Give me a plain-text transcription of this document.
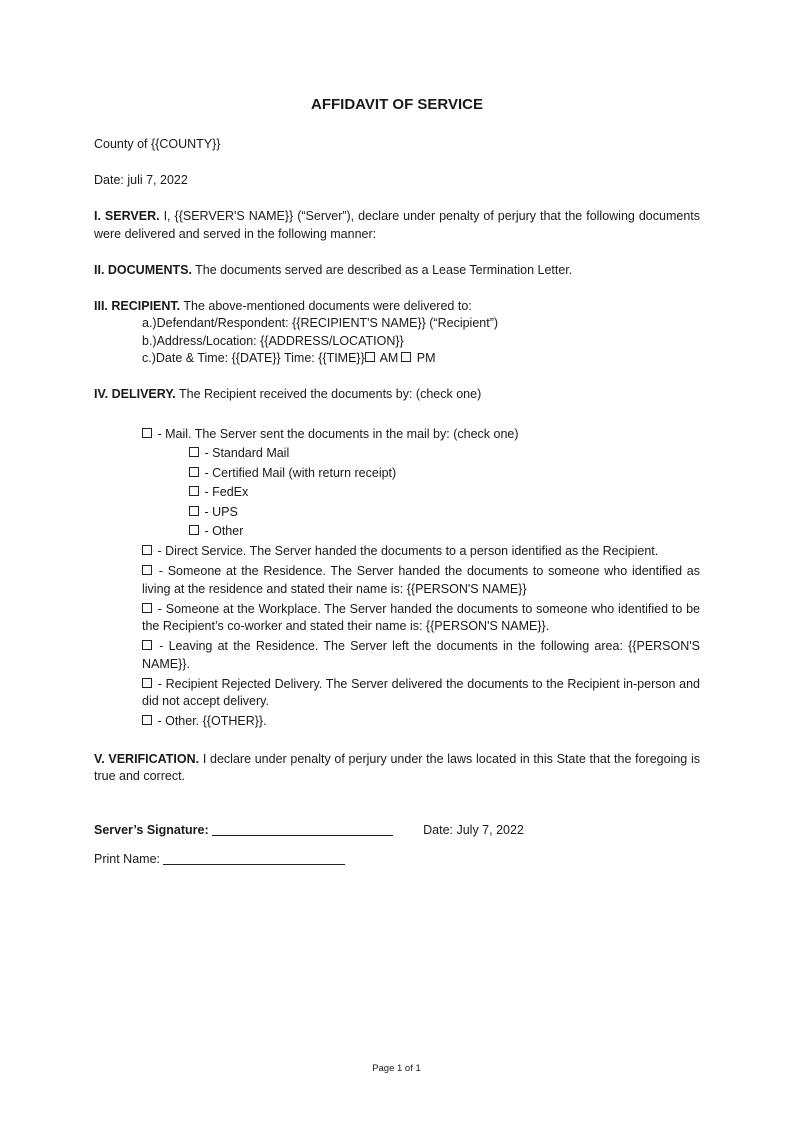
AFFIDAVIT OF SERVICE

County of {{COUNTY}}

Date: juli 7, 2022

I. SERVER. I, {{SERVER'S NAME}} (“Server”), declare under penalty of perjury that the following documents were delivered and served in the following manner:

II. DOCUMENTS. The documents served are described as a Lease Termination Letter.

III. RECIPIENT. The above-mentioned documents were delivered to:

a.)Defendant/Respondent: {{RECIPIENT'S NAME}} (“Recipient”)

b.)Address/Location: {{ADDRESS/LOCATION}}

c.)Date & Time: {{DATE}} Time: {{TIME}} AM PM

IV. DELIVERY. The Recipient received the documents by: (check one)

- Mail. The Server sent the documents in the mail by: (check one)

- Standard Mail

- Certified Mail (with return receipt)

- FedEx

- UPS

- Other

- Direct Service. The Server handed the documents to a person identified as the Recipient.

- Someone at the Residence. The Server handed the documents to someone who identified as living at the residence and stated their name is: {{PERSON'S NAME}}

- Someone at the Workplace. The Server handed the documents to someone who identified to be the Recipient’s co-worker and stated their name is: {{PERSON'S NAME}}.

- Leaving at the Residence. The Server left the documents in the following area: {{PERSON'S NAME}}.

- Recipient Rejected Delivery. The Server delivered the documents to the Recipient in-person and did not accept delivery.

- Other. {{OTHER}}.

V. VERIFICATION. I declare under penalty of perjury under the laws located in this State that the foregoing is true and correct.

Server’s Signature:	Date: July 7, 2022

Print Name:

Page 1 of 1
